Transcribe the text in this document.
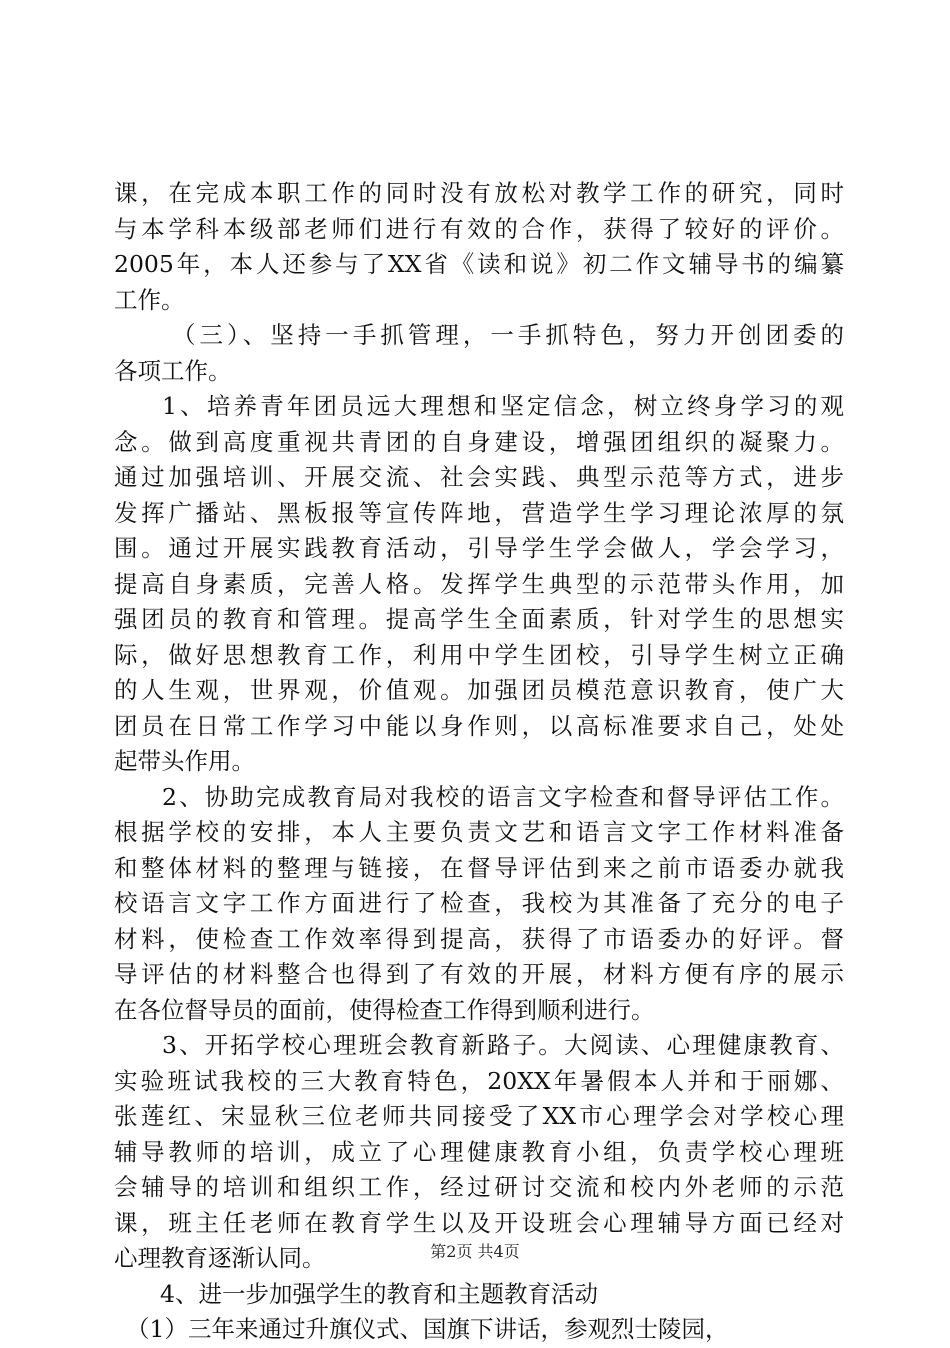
课，在完成本职工作的同时没有放松对教学工作的研究，同时
与本学科本级部老师们进行有效的合作，获得了较好的评价。
2005年，本人还参与了XX省《读和说》初二作文辅导书的编纂
工作。
（三）、坚持一手抓管理，一手抓特色，努力开创团委的
各项工作。
1、培养青年团员远大理想和坚定信念，树立终身学习的观
念。做到高度重视共青团的自身建设，增强团组织的凝聚力。
通过加强培训、开展交流、社会实践、典型示范等方式，进步
发挥广播站、黑板报等宣传阵地，营造学生学习理论浓厚的氛
围。通过开展实践教育活动，引导学生学会做人，学会学习，
提高自身素质，完善人格。发挥学生典型的示范带头作用，加
强团员的教育和管理。提高学生全面素质，针对学生的思想实
际，做好思想教育工作，利用中学生团校，引导学生树立正确
的人生观，世界观，价值观。加强团员模范意识教育，使广大
团员在日常工作学习中能以身作则，以高标准要求自己，处处
起带头作用。
2、协助完成教育局对我校的语言文字检查和督导评估工作。
根据学校的安排，本人主要负责文艺和语言文字工作材料准备
和整体材料的整理与链接，在督导评估到来之前市语委办就我
校语言文字工作方面进行了检查，我校为其准备了充分的电子
材料，使检查工作效率得到提高，获得了市语委办的好评。督
导评估的材料整合也得到了有效的开展，材料方便有序的展示
在各位督导员的面前，使得检查工作得到顺利进行。
3、开拓学校心理班会教育新路子。大阅读、心理健康教育、
实验班试我校的三大教育特色，20XX年暑假本人并和于丽娜、
张莲红、宋显秋三位老师共同接受了XX市心理学会对学校心理
辅导教师的培训，成立了心理健康教育小组，负责学校心理班
会辅导的培训和组织工作，经过研讨交流和校内外老师的示范
课，班主任老师在教育学生以及开设班会心理辅导方面已经对
心理教育逐渐认同。
4、进一步加强学生的教育和主题教育活动
（1）三年来通过升旗仪式、国旗下讲话，参观烈士陵园，
第2页 共4页
